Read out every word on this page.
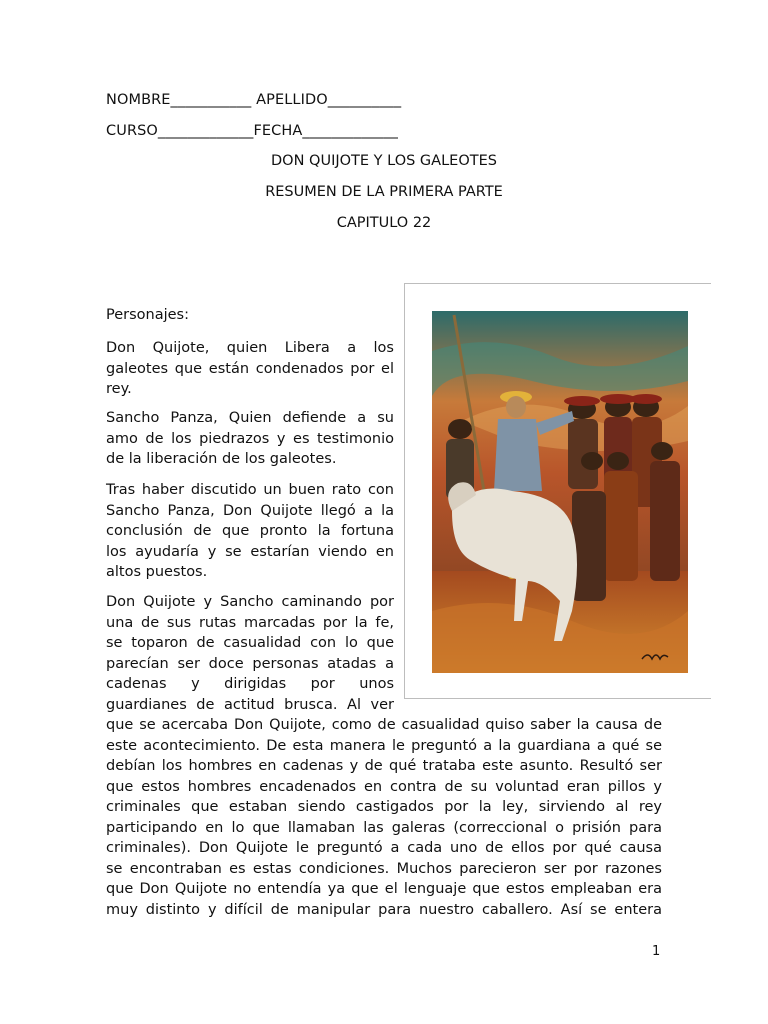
NOMBRE___________ APELLIDO__________
CURSO_____________FECHA_____________
DON QUIJOTE Y LOS GALEOTES
RESUMEN DE LA PRIMERA PARTE
CAPITULO 22
Personajes:
Don Quijote, quien Libera a los
galeotes que están condenados por el
rey.
Sancho Panza, Quien defiende a su
amo de los piedrazos y es testimonio
de la liberación de los galeotes.
Tras haber discutido un buen rato con
Sancho Panza, Don Quijote llegó a la
conclusión de que pronto la fortuna
los ayudaría y se estarían viendo en
altos puestos.
Don Quijote y Sancho caminando por
una de sus rutas marcadas por la fe,
se toparon de casualidad con lo que
parecían ser doce personas atadas a
cadenas y dirigidas por unos
guardianes de actitud brusca. Al ver
que se acercaba Don Quijote, como de casualidad quiso saber la causa de
este acontecimiento. De esta manera le preguntó a la guardiana a qué se
debían los hombres en cadenas y de qué trataba este asunto. Resultó ser
que estos hombres encadenados en contra de su voluntad eran pillos y
criminales que estaban siendo castigados por la ley, sirviendo al rey
participando en lo que llamaban las galeras (correccional o prisión para
criminales). Don Quijote le preguntó a cada uno de ellos por qué causa
se encontraban es estas condiciones. Muchos parecieron ser por razones
que Don Quijote no entendía ya que el lenguaje que estos empleaban era
muy distinto y difícil de manipular para nuestro caballero. Así se entera
1
